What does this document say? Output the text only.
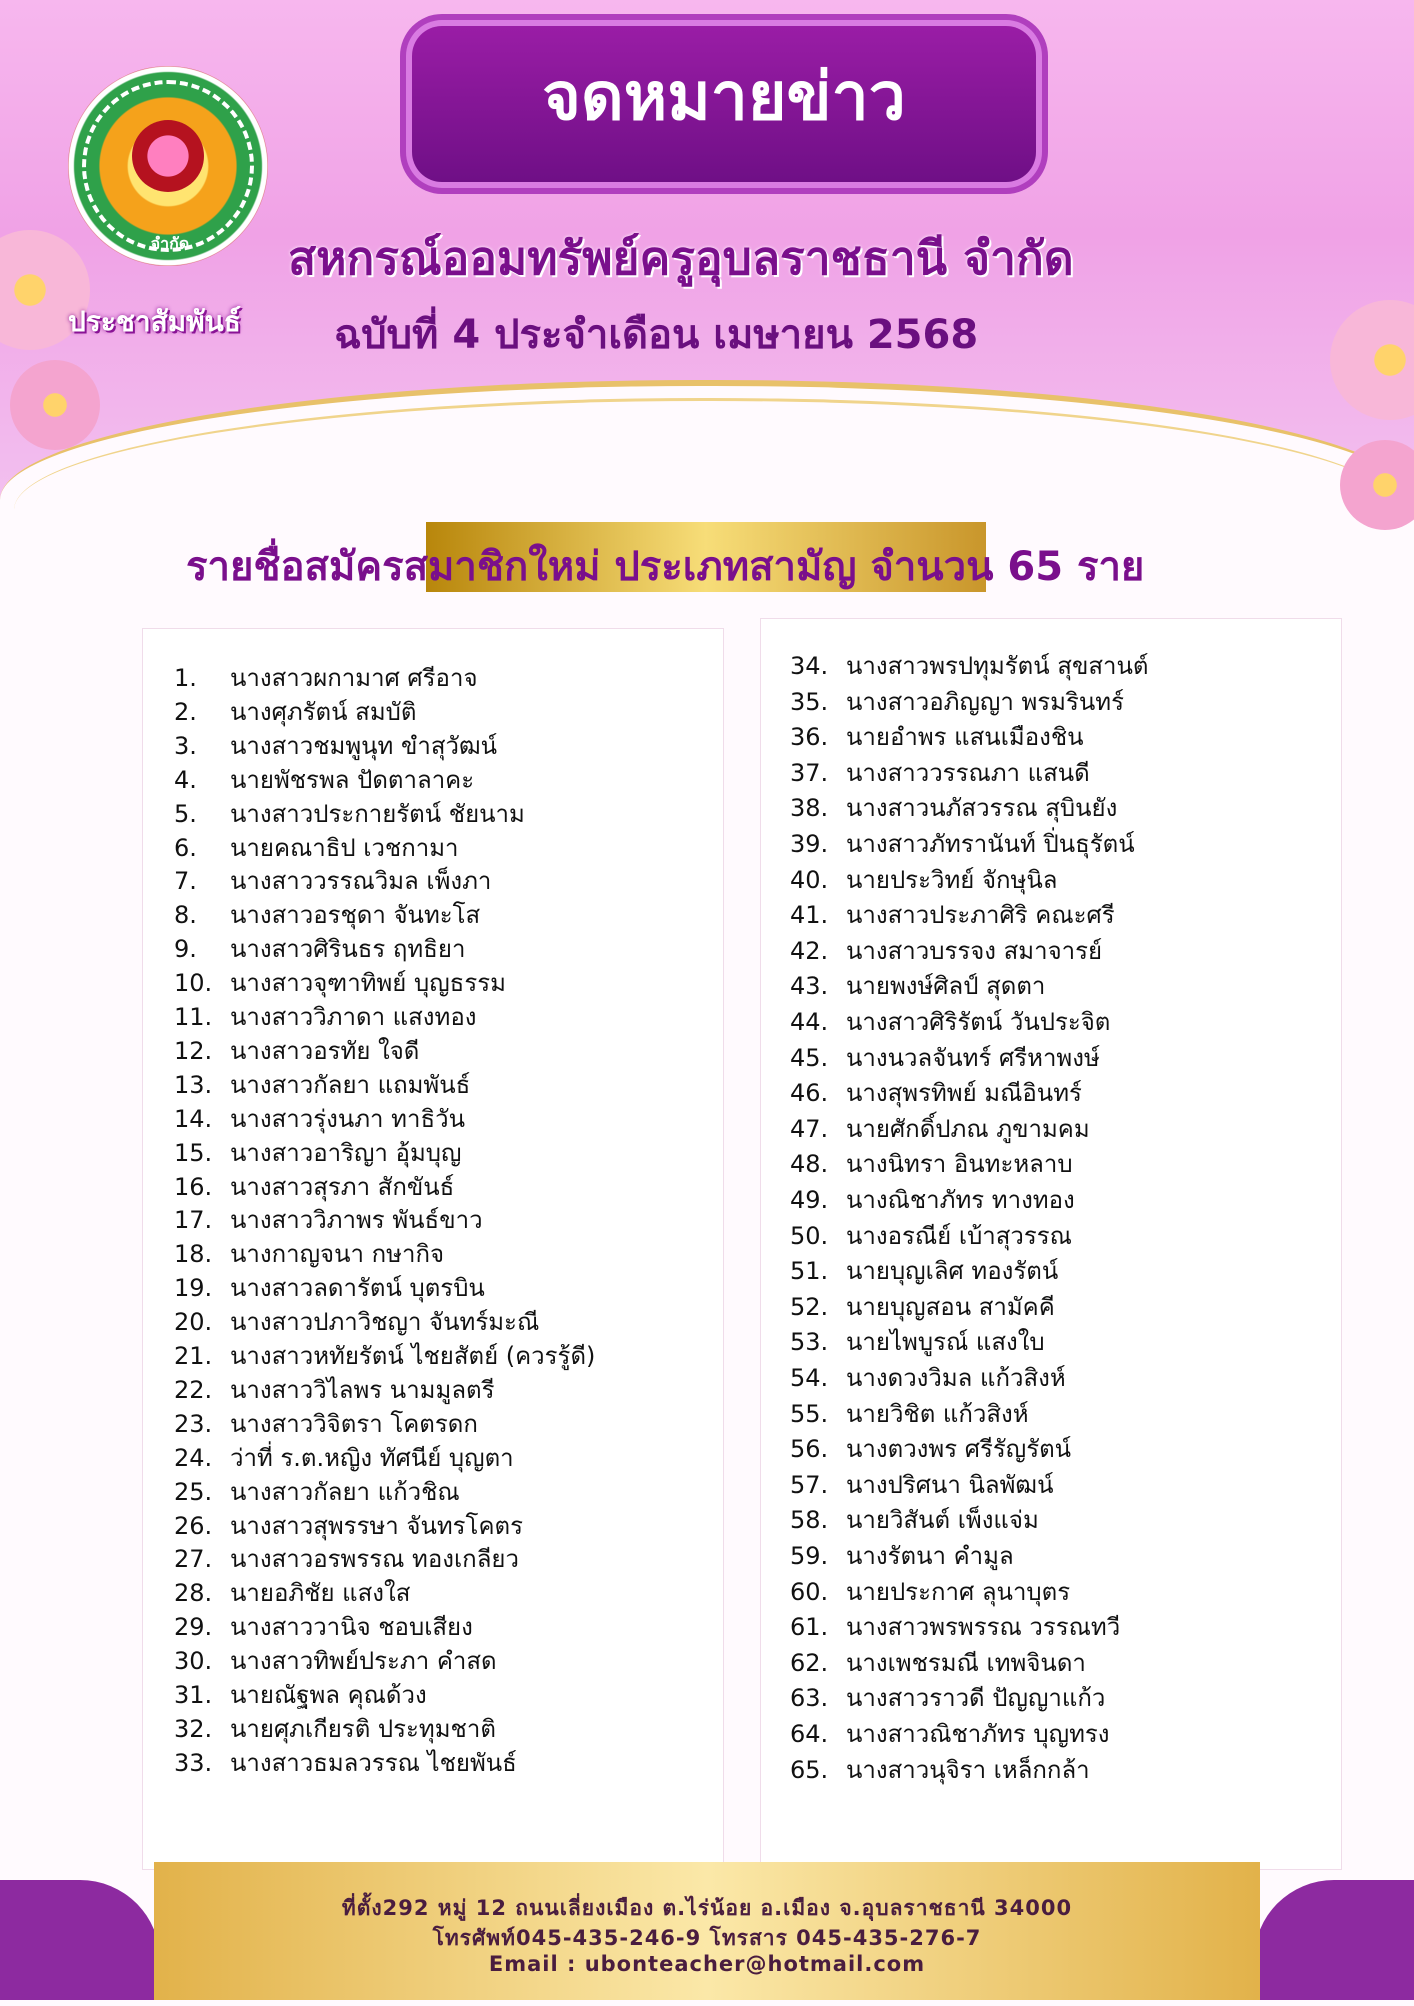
จดหมายข่าว
จำกัด
ประชาสัมพันธ์
สหกรณ์ออมทรัพย์ครูอุบลราชธานี จำกัด
ฉบับที่ 4 ประจำเดือน เมษายน 2568
รายชื่อสมัครสมาชิกใหม่ ประเภทสามัญ จำนวน 65 ราย
1. นางสาวผกามาศ ศรีอาจ
2. นางศุภรัตน์ สมบัติ
3. นางสาวชมพูนุท ขำสุวัฒน์
4. นายพัชรพล ปัดตาลาคะ
5. นางสาวประกายรัตน์ ชัยนาม
6. นายคณาธิป เวชกามา
7. นางสาววรรณวิมล เพ็งภา
8. นางสาวอรชุดา จันทะโส
9. นางสาวศิรินธร ฤทธิยา
10. นางสาวจุฑาทิพย์ บุญธรรม
11. นางสาววิภาดา แสงทอง
12. นางสาวอรทัย ใจดี
13. นางสาวกัลยา แถมพันธ์
14. นางสาวรุ่งนภา ทาธิวัน
15. นางสาวอาริญา อุ้มบุญ
16. นางสาวสุรภา สักขันธ์
17. นางสาววิภาพร พันธ์ขาว
18. นางกาญจนา กษากิจ
19. นางสาวลดารัตน์ บุตรบิน
20. นางสาวปภาวิชญา จันทร์มะณี
21. นางสาวหทัยรัตน์ ไชยสัตย์ (ควรรู้ดี)
22. นางสาววิไลพร นามมูลตรี
23. นางสาววิจิตรา โคตรดก
24. ว่าที่ ร.ต.หญิง ทัศนีย์ บุญตา
25. นางสาวกัลยา แก้วชิณ
26. นางสาวสุพรรษา จันทรโคตร
27. นางสาวอรพรรณ ทองเกลียว
28. นายอภิชัย แสงใส
29. นางสาววานิจ ชอบเสียง
30. นางสาวทิพย์ประภา คำสด
31. นายณัฐพล คุณด้วง
32. นายศุภเกียรติ ประทุมชาติ
33. นางสาวธมลวรรณ ไชยพันธ์
34. นางสาวพรปทุมรัตน์ สุขสานต์
35. นางสาวอภิญญา พรมรินทร์
36. นายอำพร แสนเมืองชิน
37. นางสาววรรณภา แสนดี
38. นางสาวนภัสวรรณ สุบินยัง
39. นางสาวภัทรานันท์ ปิ่นธุรัตน์
40. นายประวิทย์ จักษุนิล
41. นางสาวประภาศิริ คณะศรี
42. นางสาวบรรจง สมาจารย์
43. นายพงษ์ศิลป์ สุดตา
44. นางสาวศิริรัตน์ วันประจิต
45. นางนวลจันทร์ ศรีหาพงษ์
46. นางสุพรทิพย์ มณีอินทร์
47. นายศักดิ์ปภณ ภูขามคม
48. นางนิทรา อินทะหลาบ
49. นางณิชาภัทร ทางทอง
50. นางอรณีย์ เบ้าสุวรรณ
51. นายบุญเลิศ ทองรัตน์
52. นายบุญสอน สามัคคี
53. นายไพบูรณ์ แสงใบ
54. นางดวงวิมล แก้วสิงห์
55. นายวิชิต แก้วสิงห์
56. นางตวงพร ศรีรัญรัตน์
57. นางปริศนา นิลพัฒน์
58. นายวิสันต์ เพ็งแจ่ม
59. นางรัตนา คำมูล
60. นายประกาศ ลุนาบุตร
61. นางสาวพรพรรณ วรรณทวี
62. นางเพชรมณี เทพจินดา
63. นางสาวราวดี ปัญญาแก้ว
64. นางสาวณิชาภัทร บุญทรง
65. นางสาวนุจิรา เหล็กกล้า
ที่ตั้ง292 หมู่ 12 ถนนเลี่ยงเมือง ต.ไร่น้อย อ.เมือง จ.อุบลราชธานี 34000
โทรศัพท์045-435-246-9 โทรสาร 045-435-276-7
Email : ubonteacher@hotmail.com
